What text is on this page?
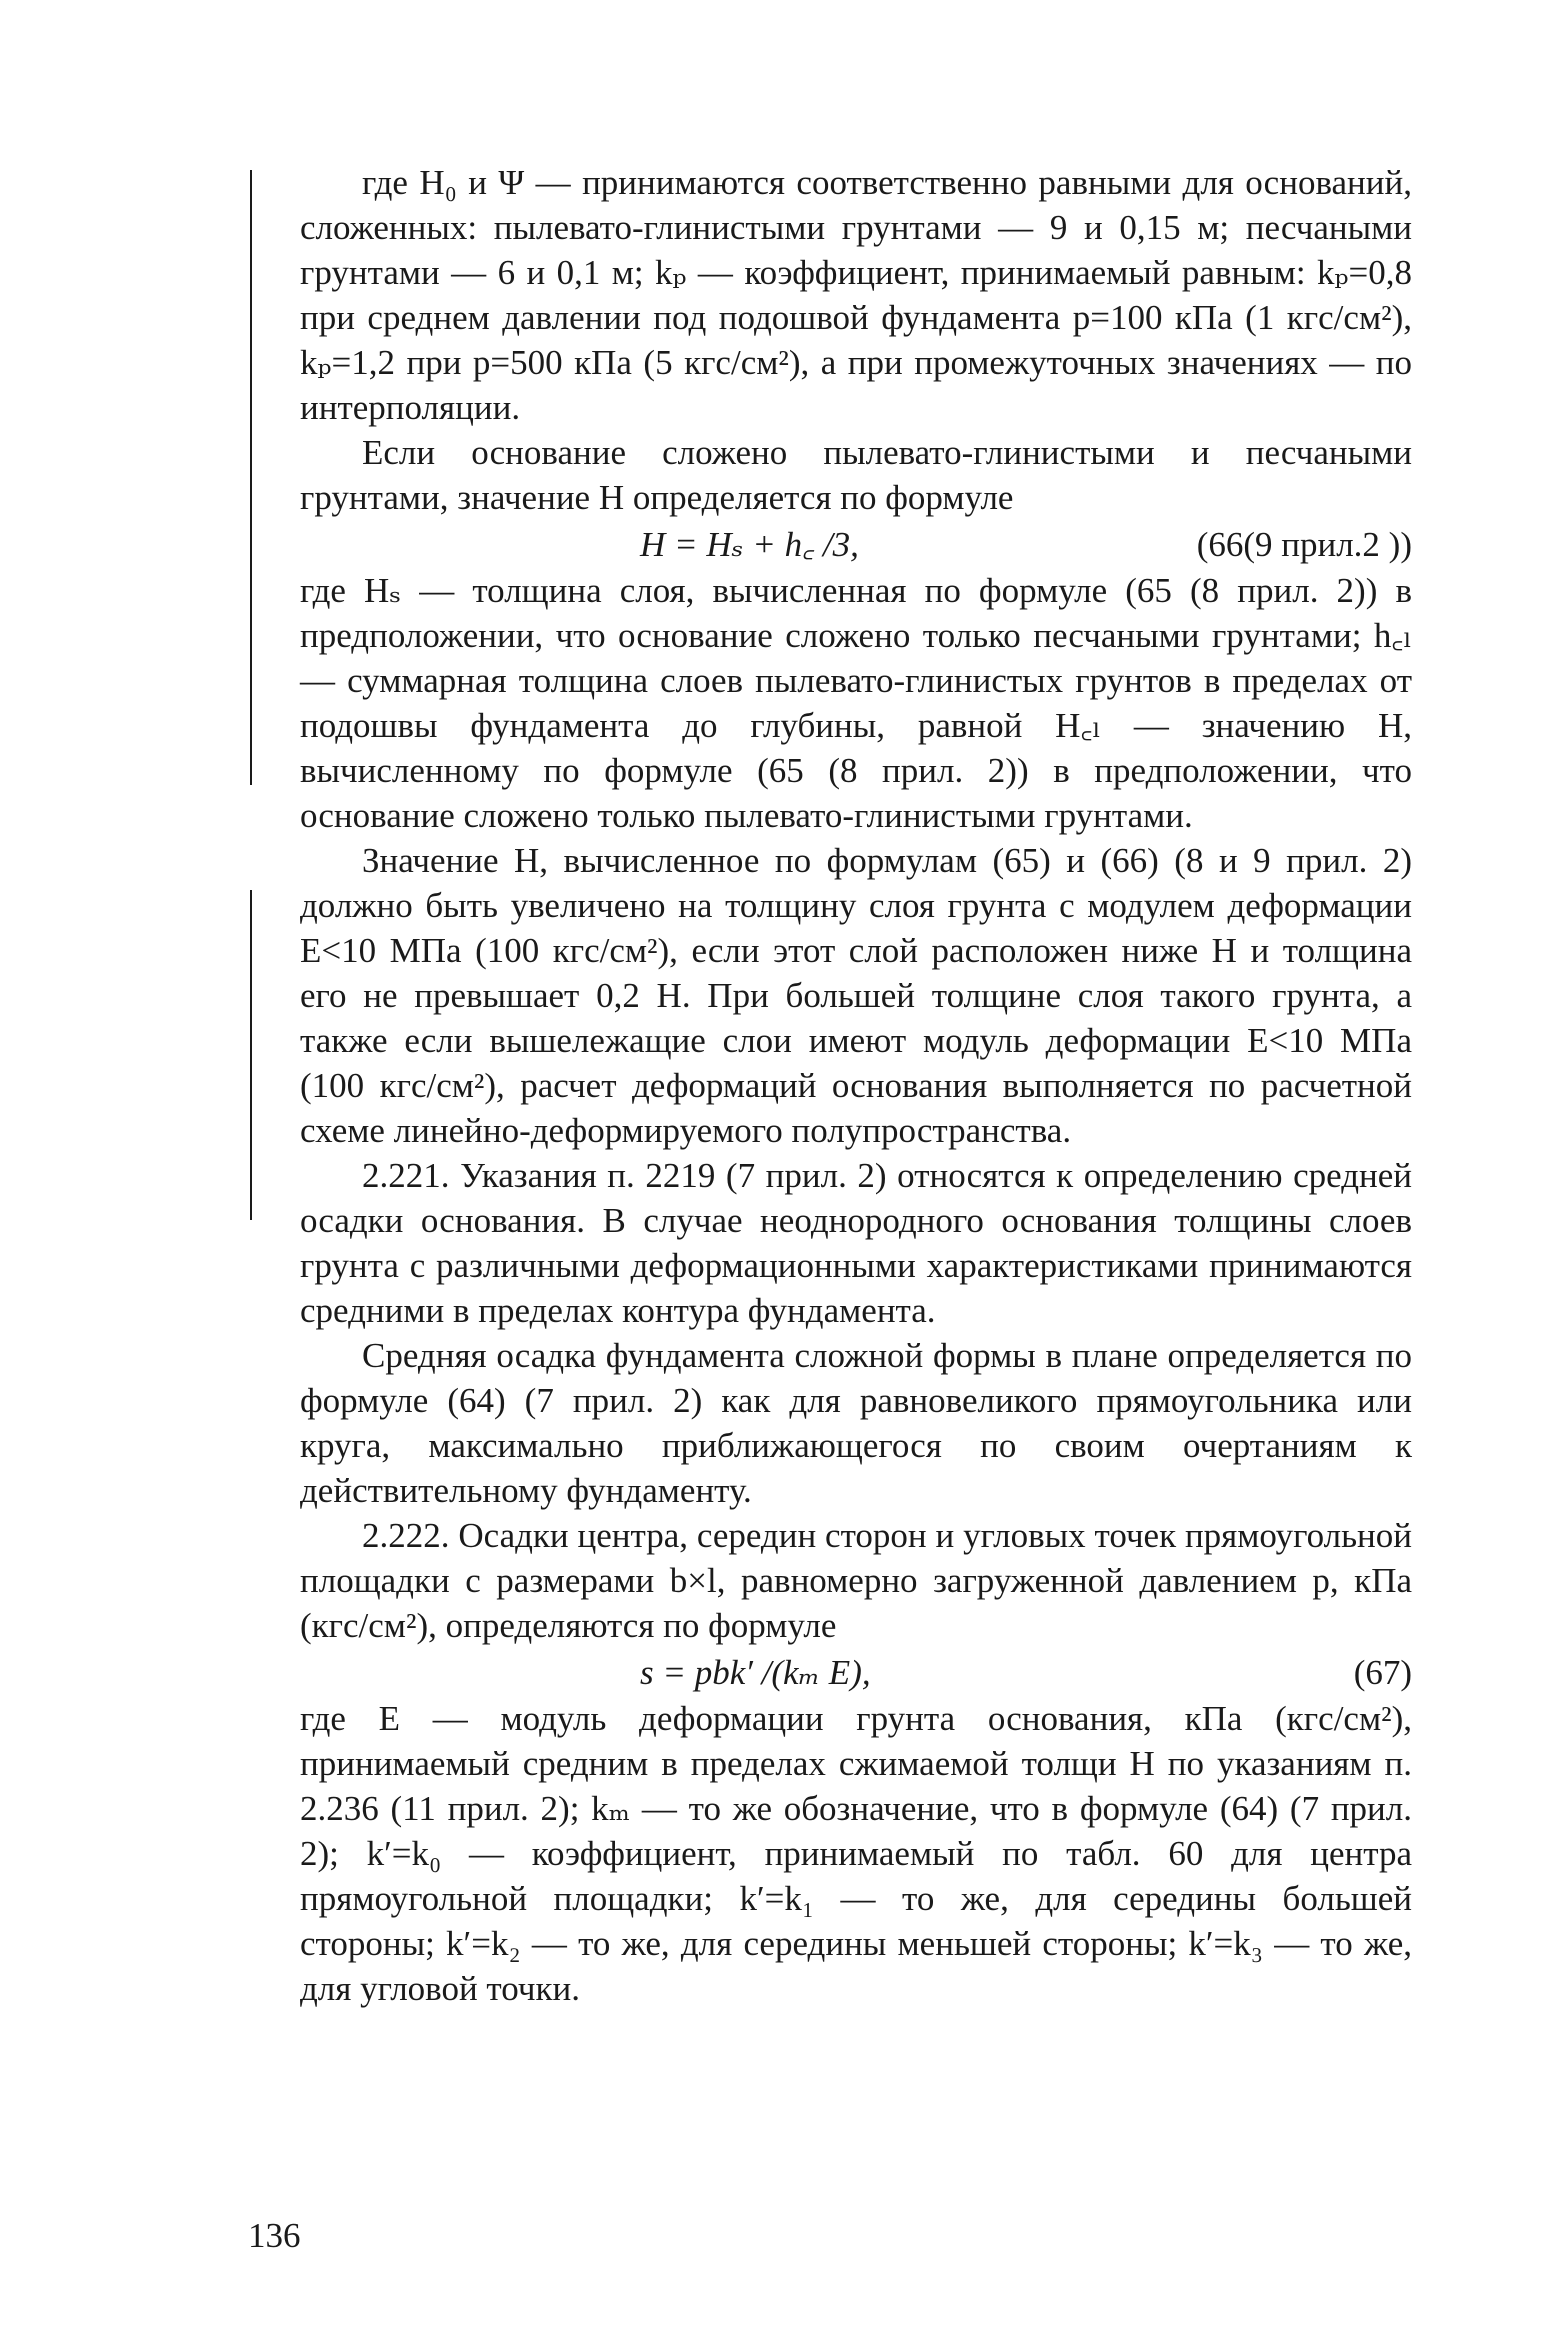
где H₀ и Ψ — принимаются соответственно равными для оснований, сложенных: пылевато-глинистыми грунтами — 9 и 0,15 м; песчаными грунтами — 6 и 0,1 м; kₚ — коэффициент, принимаемый равным: kₚ=0,8 при среднем давлении под подошвой фундамента p=100 кПа (1 кгс/см²), kₚ=1,2 при p=500 кПа (5 кгс/см²), а при промежуточных значениях — по интерполяции.

Если основание сложено пылевато-глинистыми и песчаными грунтами, значение H определяется по формуле

H = Hₛ + h꜀ /3,	(66(9 прил.2 ))

где Hₛ — толщина слоя, вычисленная по формуле (65 (8 прил. 2)) в предположении, что основание сложено только песчаными грунтами; h꜀ₗ — суммарная толщина слоев пылевато-глинистых грунтов в пределах от подошвы фундамента до глубины, равной H꜀ₗ — значению H, вычисленному по формуле (65 (8 прил. 2)) в предположении, что основание сложено только пылевато-глинистыми грунтами.

Значение H, вычисленное по формулам (65) и (66) (8 и 9 прил. 2) должно быть увеличено на толщину слоя грунта с модулем деформации E<10 МПа (100 кгс/см²), если этот слой расположен ниже H и толщина его не превышает 0,2 H. При большей толщине слоя такого грунта, а также если вышележащие слои имеют модуль деформации E<10 МПа (100 кгс/см²), расчет деформаций основания выполняется по расчетной схеме линейно-деформируемого полупространства.

2.221. Указания п. 2219 (7 прил. 2) относятся к определению средней осадки основания. В случае неоднородного основания толщины слоев грунта с различными деформационными характеристиками принимаются средними в пределах контура фундамента.

Средняя осадка фундамента сложной формы в плане определяется по формуле (64) (7 прил. 2) как для равновеликого прямоугольника или круга, максимально приближающегося по своим очертаниям к действительному фундаменту.

2.222. Осадки центра, середин сторон и угловых точек прямоугольной площадки с размерами b×l, равномерно загруженной давлением p, кПа (кгс/см²), определяются по формуле

s = pbk′ /(kₘ E),	(67)

где E — модуль деформации грунта основания, кПа (кгс/см²), принимаемый средним в пределах сжимаемой толщи H по указаниям п. 2.236 (11 прил. 2); kₘ — то же обозначение, что в формуле (64) (7 прил. 2); k′=k₀ — коэффициент, принимаемый по табл. 60 для центра прямоугольной площадки; k′=k₁ — то же, для середины большей стороны; k′=k₂ — то же, для середины меньшей стороны; k′=k₃ — то же, для угловой точки.

136
